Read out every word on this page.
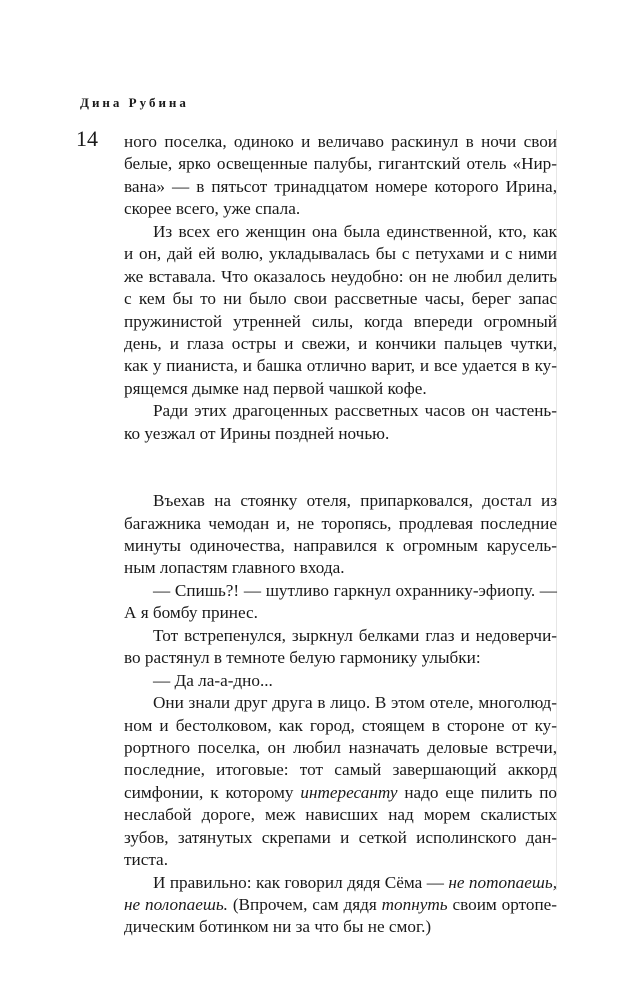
Дина Рубина
14 ного поселка, одиноко и величаво раскинул в ночи свои
белые, ярко освещенные палубы, гигантский отель «Нир-
вана» — в пятьсот тринадцатом номере которого Ирина,
скорее всего, уже спала.
Из всех его женщин она была единственной, кто, как
и он, дай ей волю, укладывалась бы с петухами и с ними
же вставала. Что оказалось неудобно: он не любил делить
с кем бы то ни было свои рассветные часы, берег запас
пружинистой утренней силы, когда впереди огромный
день, и глаза остры и свежи, и кончики пальцев чутки,
как у пианиста, и башка отлично варит, и все удается в ку-
рящемся дымке над первой чашкой кофе.
Ради этих драгоценных рассветных часов он частень-
ко уезжал от Ирины поздней ночью.
Въехав на стоянку отеля, припарковался, достал из
багажника чемодан и, не торопясь, продлевая последние
минуты одиночества, направился к огромным карусель-
ным лопастям главного входа.
— Спишь?! — шутливо гаркнул охраннику-эфиопу. —
А я бомбу принес.
Тот встрепенулся, зыркнул белками глаз и недоверчи-
во растянул в темноте белую гармонику улыбки:
— Да ла-а-дно...
Они знали друг друга в лицо. В этом отеле, многолюд-
ном и бестолковом, как город, стоящем в стороне от ку-
рортного поселка, он любил назначать деловые встречи,
последние, итоговые: тот самый завершающий аккорд
симфонии, к которому интересанту надо еще пилить по
неслабой дороге, меж нависших над морем скалистых
зубов, затянутых скрепами и сеткой исполинского дан-
тиста.
И правильно: как говорил дядя Сёма — не потопаешь,
не полопаешь. (Впрочем, сам дядя топнуть своим ортопе-
дическим ботинком ни за что бы не смог.)
